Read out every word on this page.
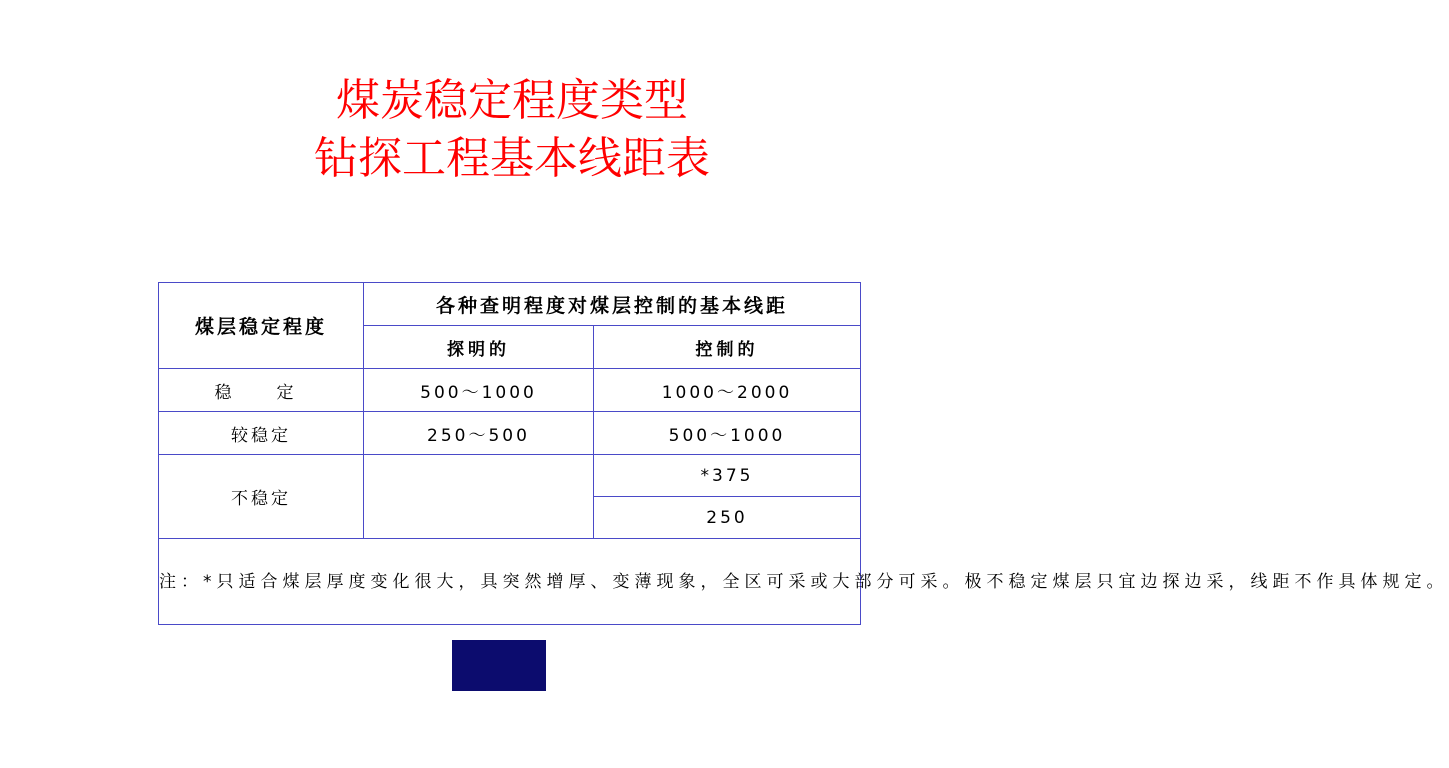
煤炭稳定程度类型
钻探工程基本线距表
煤层稳定程度	各种查明程度对煤层控制的基本线距	
	探明的	控制的
稳　定	500～1000	1000～2000
较稳定	250～500	500～1000
不稳定		*375
		250
注：*只适合煤层厚度变化很大，具突然增厚、变薄现象，全区可采或大部分可采。极不稳定煤层只宜边探边采，线距不作具体规定。		
